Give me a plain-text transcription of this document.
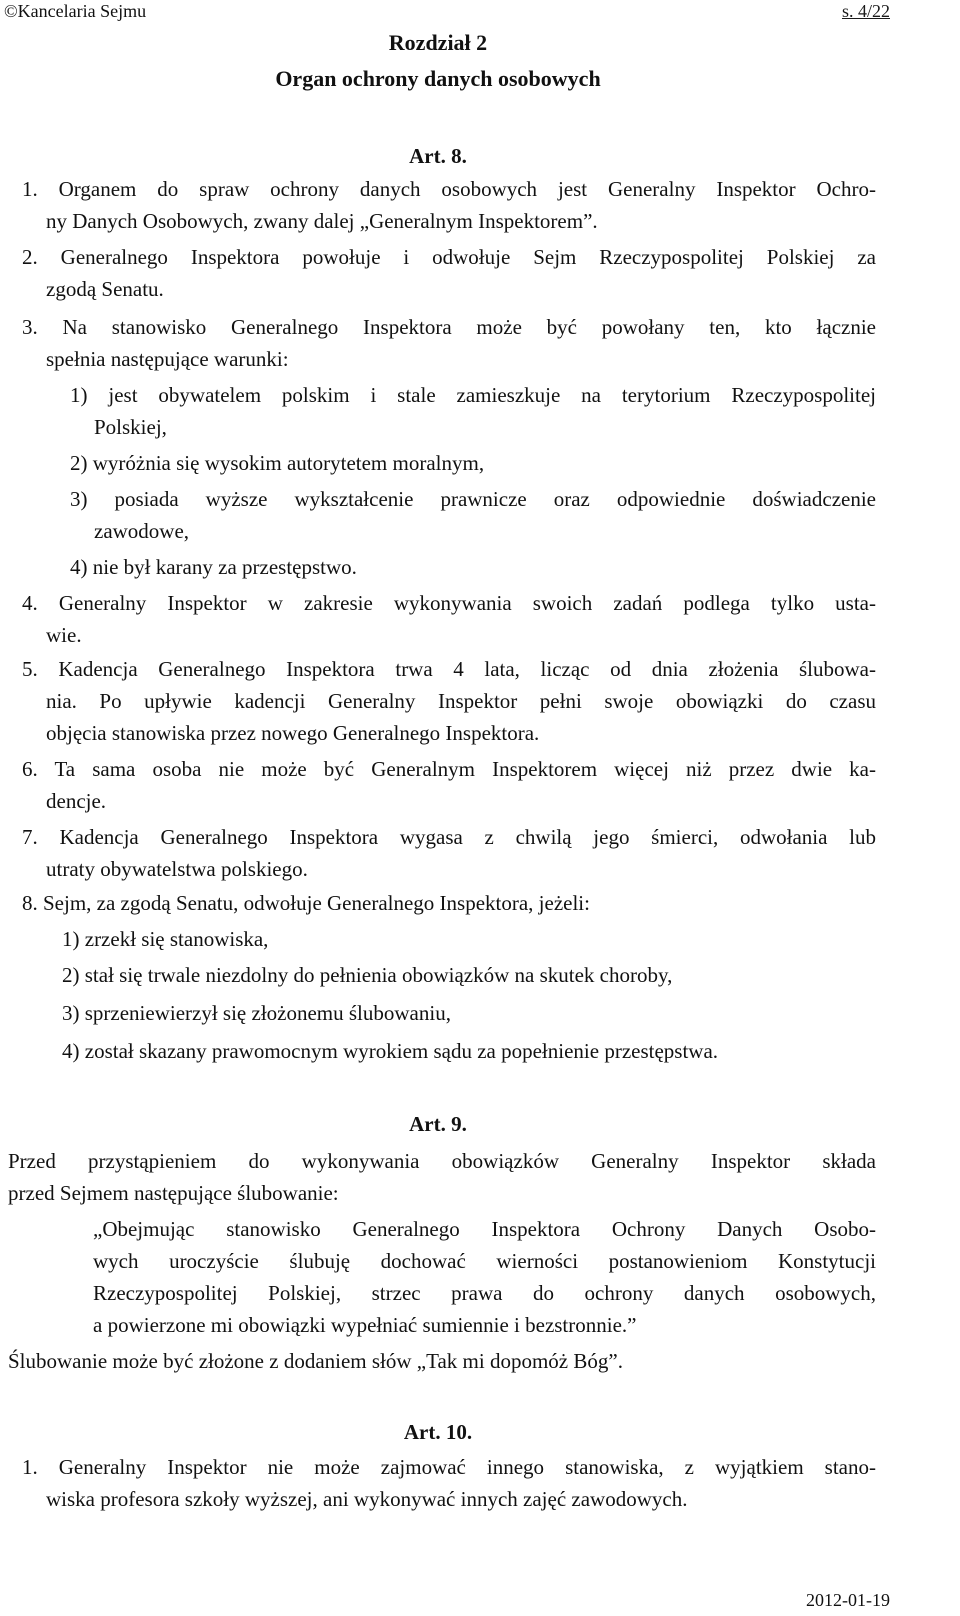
©Kancelaria Sejmu	s. 4/22
Rozdział 2
Organ ochrony danych osobowych
Art. 8.
1. Organem do spraw ochrony danych osobowych jest Generalny Inspektor Ochro-
ny Danych Osobowych, zwany dalej „Generalnym Inspektorem”.
2. Generalnego Inspektora powołuje i odwołuje Sejm Rzeczypospolitej Polskiej za
zgodą Senatu.
3. Na stanowisko Generalnego Inspektora może być powołany ten, kto łącznie
spełnia następujące warunki:
1) jest obywatelem polskim i stale zamieszkuje na terytorium Rzeczypospolitej
Polskiej,
2) wyróżnia się wysokim autorytetem moralnym,
3) posiada wyższe wykształcenie prawnicze oraz odpowiednie doświadczenie
zawodowe,
4) nie był karany za przestępstwo.
4. Generalny Inspektor w zakresie wykonywania swoich zadań podlega tylko usta-
wie.
5. Kadencja Generalnego Inspektora trwa 4 lata, licząc od dnia złożenia ślubowa-
nia. Po upływie kadencji Generalny Inspektor pełni swoje obowiązki do czasu
objęcia stanowiska przez nowego Generalnego Inspektora.
6. Ta sama osoba nie może być Generalnym Inspektorem więcej niż przez dwie ka-
dencje.
7. Kadencja Generalnego Inspektora wygasa z chwilą jego śmierci, odwołania lub
utraty obywatelstwa polskiego.
8. Sejm, za zgodą Senatu, odwołuje Generalnego Inspektora, jeżeli:
1) zrzekł się stanowiska,
2) stał się trwale niezdolny do pełnienia obowiązków na skutek choroby,
3) sprzeniewierzył się złożonemu ślubowaniu,
4) został skazany prawomocnym wyrokiem sądu za popełnienie przestępstwa.
Art. 9.
Przed przystąpieniem do wykonywania obowiązków Generalny Inspektor składa
przed Sejmem następujące ślubowanie:
„Obejmując stanowisko Generalnego Inspektora Ochrony Danych Osobo-
wych uroczyście ślubuję dochować wierności postanowieniom Konstytucji
Rzeczypospolitej Polskiej, strzec prawa do ochrony danych osobowych,
a powierzone mi obowiązki wypełniać sumiennie i bezstronnie.”
Ślubowanie może być złożone z dodaniem słów „Tak mi dopomóż Bóg”.
Art. 10.
1. Generalny Inspektor nie może zajmować innego stanowiska, z wyjątkiem stano-
wiska profesora szkoły wyższej, ani wykonywać innych zajęć zawodowych.
2012-01-19
